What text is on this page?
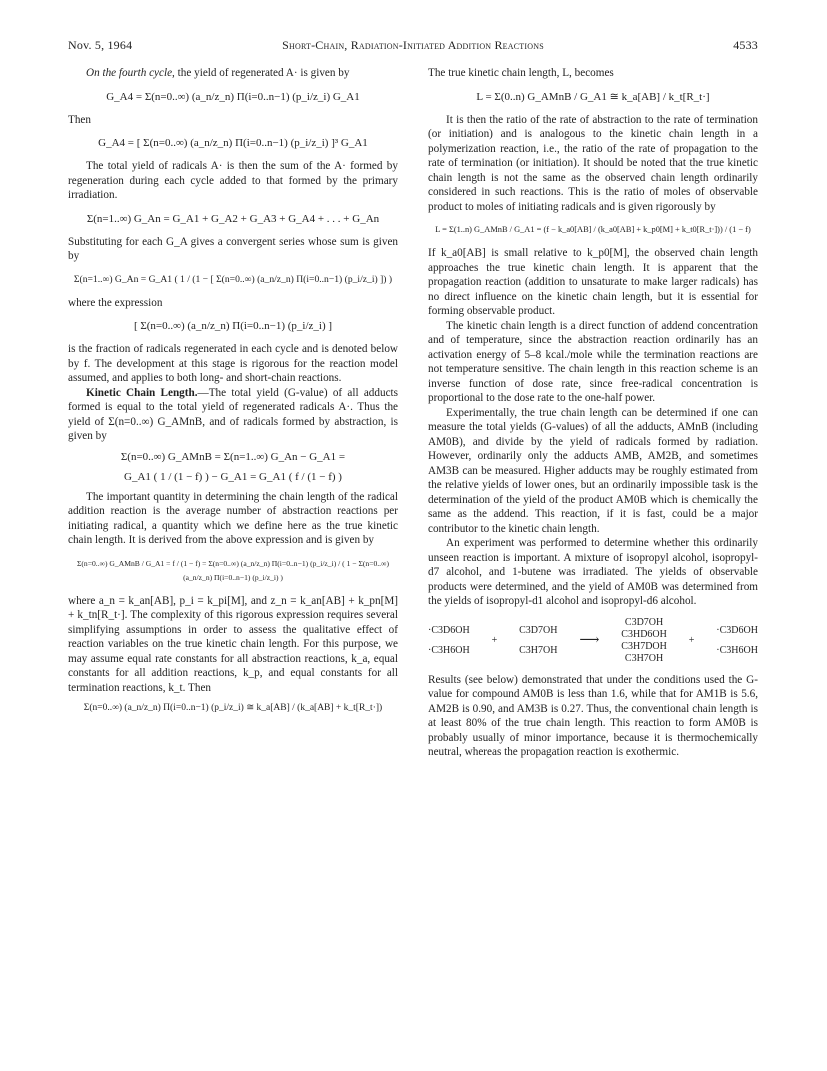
Nov. 5, 1964	Short-Chain, Radiation-Initiated Addition Reactions	4533

On the fourth cycle, the yield of regenerated A· is given by

G_A4 = Σ(n=0..∞) (a_n/z_n) Π(i=0..n−1) (p_i/z_i) G_A1

Then

G_A4 = [ Σ(n=0..∞) (a_n/z_n) Π(i=0..n−1) (p_i/z_i) ]³ G_A1

The total yield of radicals A· is then the sum of the A· formed by regeneration during each cycle added to that formed by the primary irradiation.

Σ(n=1..∞) G_An = G_A1 + G_A2 + G_A3 + G_A4 + . . . + G_An

Substituting for each G_A gives a convergent series whose sum is given by

Σ(n=1..∞) G_An = G_A1 ( 1 / (1 − [ Σ(n=0..∞) (a_n/z_n) Π(i=0..n−1) (p_i/z_i) ]) )

where the expression

[ Σ(n=0..∞) (a_n/z_n) Π(i=0..n−1) (p_i/z_i) ]

is the fraction of radicals regenerated in each cycle and is denoted below by f. The development at this stage is rigorous for the reaction model assumed, and applies to both long- and short-chain reactions.

Kinetic Chain Length.—The total yield (G-value) of all adducts formed is equal to the total yield of regenerated radicals A·. Thus the yield of Σ(n=0..∞) G_AMnB, and of radicals formed by abstraction, is given by

Σ(n=0..∞) G_AMnB = Σ(n=1..∞) G_An − G_A1 =
G_A1 ( 1 / (1 − f) ) − G_A1 = G_A1 ( f / (1 − f) )

The important quantity in determining the chain length of the radical addition reaction is the average number of abstraction reactions per initiating radical, a quantity which we define here as the true kinetic chain length. It is derived from the above expression and is given by

Σ(n=0..∞) G_AMnB / G_A1 = f / (1 − f) = Σ(n=0..∞) (a_n/z_n) Π(i=0..n−1) (p_i/z_i) / ( 1 − Σ(n=0..∞) (a_n/z_n) Π(i=0..n−1) (p_i/z_i) )

where a_n = k_an[AB], p_i = k_pi[M], and z_n = k_an[AB] + k_pn[M] + k_tn[R_t·]. The complexity of this rigorous expression requires several simplifying assumptions in order to assess the qualitative effect of reaction variables on the true kinetic chain length. For this purpose, we may assume equal rate constants for all abstraction reactions, k_a, equal constants for all addition reactions, k_p, and equal constants for all termination reactions, k_t. Then

Σ(n=0..∞) (a_n/z_n) Π(i=0..n−1) (p_i/z_i) ≅ k_a[AB] / (k_a[AB] + k_t[R_t·])

The true kinetic chain length, L, becomes

L = Σ(0..n) G_AMnB / G_A1 ≅ k_a[AB] / k_t[R_t·]

It is then the ratio of the rate of abstraction to the rate of termination (or initiation) and is analogous to the kinetic chain length in a polymerization reaction, i.e., the ratio of the rate of propagation to the rate of termination (or initiation). It should be noted that the true kinetic chain length is not the same as the observed chain length ordinarily considered in such reactions. This is the ratio of moles of observable product to moles of initiating radicals and is given rigorously by

L = Σ(1..n) G_AMnB / G_A1 = (f − k_a0[AB] / (k_a0[AB] + k_p0[M] + k_t0[R_t·])) / (1 − f)

If k_a0[AB] is small relative to k_p0[M], the observed chain length approaches the true kinetic chain length. It is apparent that the propagation reaction (addition to unsaturate to make larger radicals) has no direct influence on the kinetic chain length, but it is essential for forming observable product.

The kinetic chain length is a direct function of addend concentration and of temperature, since the abstraction reaction ordinarily has an activation energy of 5–8 kcal./mole while the termination reactions are not temperature sensitive. The chain length in this reaction scheme is an inverse function of dose rate, since free-radical concentration is proportional to the dose rate to the one-half power.

Experimentally, the true chain length can be determined if one can measure the total yields (G-values) of all the adducts, AMnB (including AM0B), and divide by the yield of radicals formed by radiation. However, ordinarily only the adducts AMB, AM2B, and sometimes AM3B can be measured. Higher adducts may be roughly estimated from the relative yields of lower ones, but an ordinarily impossible task is the determination of the yield of the product AM0B which is chemically the same as the addend. This reaction, if it is fast, could be a major contributor to the kinetic chain length.

An experiment was performed to determine whether this ordinarily unseen reaction is important. A mixture of isopropyl alcohol, isopropyl-d7 alcohol, and 1-butene was irradiated. The yields of observable products were determined, and the yield of AM0B was determined from the yields of isopropyl-d1 alcohol and isopropyl-d6 alcohol.

·C3D6OH
·C3H6OH
+
C3D7OH
C3H7OH
⟶
C3D7OH
C3HD6OH
C3H7DOH
C3H7OH
+
·C3D6OH
·C3H6OH

Results (see below) demonstrated that under the conditions used the G-value for compound AM0B is less than 1.6, while that for AM1B is 5.6, AM2B is 0.90, and AM3B is 0.27. Thus, the conventional chain length is at least 80% of the true chain length. This reaction to form AM0B is probably usually of minor importance, because it is thermochemically neutral, whereas the propagation reaction is exothermic.
